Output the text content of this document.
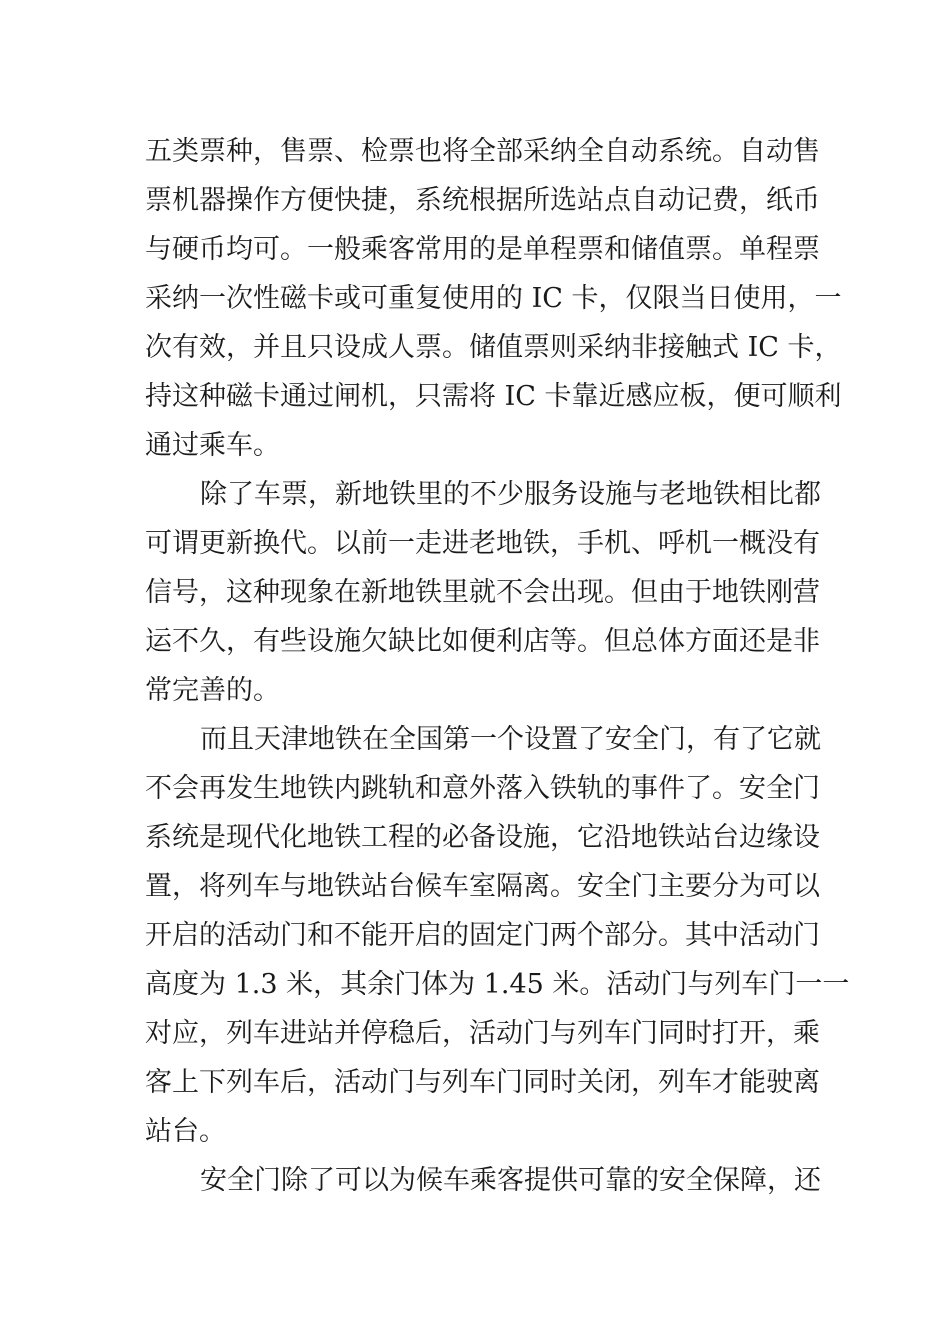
五类票种，售票、检票也将全部采纳全自动系统。自动售
票机器操作方便快捷，系统根据所选站点自动记费，纸币
与硬币均可。一般乘客常用的是单程票和储值票。单程票
采纳一次性磁卡或可重复使用的 IC 卡，仅限当日使用，一
次有效，并且只设成人票。储值票则采纳非接触式 IC 卡，
持这种磁卡通过闸机，只需将 IC 卡靠近感应板，便可顺利
通过乘车。
除了车票，新地铁里的不少服务设施与老地铁相比都
可谓更新换代。以前一走进老地铁，手机、呼机一概没有
信号，这种现象在新地铁里就不会出现。但由于地铁刚营
运不久，有些设施欠缺比如便利店等。但总体方面还是非
常完善的。
而且天津地铁在全国第一个设置了安全门，有了它就
不会再发生地铁内跳轨和意外落入铁轨的事件了。安全门
系统是现代化地铁工程的必备设施，它沿地铁站台边缘设
置，将列车与地铁站台候车室隔离。安全门主要分为可以
开启的活动门和不能开启的固定门两个部分。其中活动门
高度为 1.3 米，其余门体为 1.45 米。活动门与列车门一一
对应，列车进站并停稳后，活动门与列车门同时打开，乘
客上下列车后，活动门与列车门同时关闭，列车才能驶离
站台。
安全门除了可以为候车乘客提供可靠的安全保障，还
